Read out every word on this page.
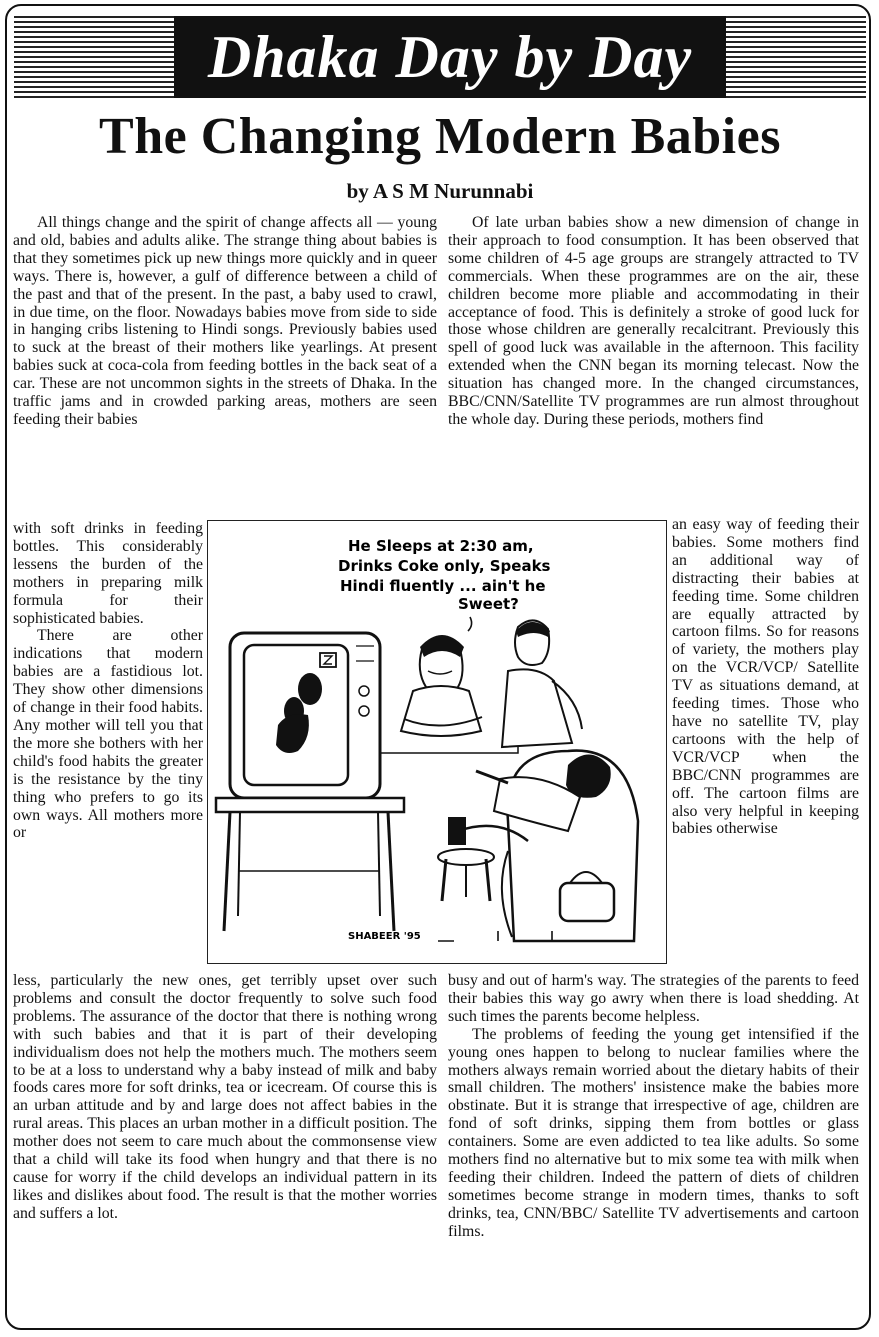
Dhaka Day by Day
The Changing Modern Babies
by A S M Nurunnabi

All things change and the spirit of change affects all — young and old, babies and adults alike. The strange thing about babies is that they sometimes pick up new things more quickly and in queer ways. There is, however, a gulf of difference between a child of the past and that of the present. In the past, a baby used to crawl, in due time, on the floor. Nowadays babies move from side to side in hanging cribs listening to Hindi songs. Previously babies used to suck at the breast of their mothers like yearlings. At present babies suck at coca-cola from feeding bottles in the back seat of a car. These are not uncommon sights in the streets of Dhaka. In the traffic jams and in crowded parking areas, mothers are seen feeding their babies

Of late urban babies show a new dimension of change in their approach to food consumption. It has been observed that some children of 4-5 age groups are strangely attracted to TV commercials. When these programmes are on the air, these children become more pliable and accommodating in their acceptance of food. This is definitely a stroke of good luck for those whose children are generally recalcitrant. Previously this spell of good luck was available in the afternoon. This facility extended when the CNN began its morning telecast. Now the situation has changed more. In the changed circumstances, BBC/CNN/Satellite TV programmes are run almost throughout the whole day. During these periods, mothers find

with soft drinks in feeding bottles. This considerably lessens the burden of the mothers in preparing milk formula for their sophisticated babies.

There are other indications that modern babies are a fastidious lot. They show other dimensions of change in their food habits. Any mother will tell you that the more she bothers with her child's food habits the greater is the resistance by the tiny thing who prefers to go its own ways. All mothers more or

an easy way of feeding their babies. Some mothers find an additional way of distracting their babies at feeding time. Some children are equally attracted by cartoon films. So for reasons of variety, the mothers play on the VCR/VCP/ Satellite TV as situations demand, at feeding times. Those who have no satellite TV, play cartoons with the help of VCR/VCP when the BBC/CNN programmes are off. The cartoon films are also very helpful in keeping babies otherwise

He Sleeps at 2:30 am,
Drinks Coke only, Speaks
Hindi fluently ... ain't he
Sweet?
SHABEER '95

less, particularly the new ones, get terribly upset over such problems and consult the doctor frequently to solve such food problems. The assurance of the doctor that there is nothing wrong with such babies and that it is part of their developing individualism does not help the mothers much. The mothers seem to be at a loss to understand why a baby instead of milk and baby foods cares more for soft drinks, tea or icecream. Of course this is an urban attitude and by and large does not affect babies in the rural areas. This places an urban mother in a difficult position. The mother does not seem to care much about the commonsense view that a child will take its food when hungry and that there is no cause for worry if the child develops an individual pattern in its likes and dislikes about food. The result is that the mother worries and suffers a lot.

busy and out of harm's way. The strategies of the parents to feed their babies this way go awry when there is load shedding. At such times the parents become helpless.

The problems of feeding the young get intensified if the young ones happen to belong to nuclear families where the mothers always remain worried about the dietary habits of their small children. The mothers' insistence make the babies more obstinate. But it is strange that irrespective of age, children are fond of soft drinks, sipping them from bottles or glass containers. Some are even addicted to tea like adults. So some mothers find no alternative but to mix some tea with milk when feeding their children. Indeed the pattern of diets of children sometimes become strange in modern times, thanks to soft drinks, tea, CNN/BBC/ Satellite TV advertisements and cartoon films.
